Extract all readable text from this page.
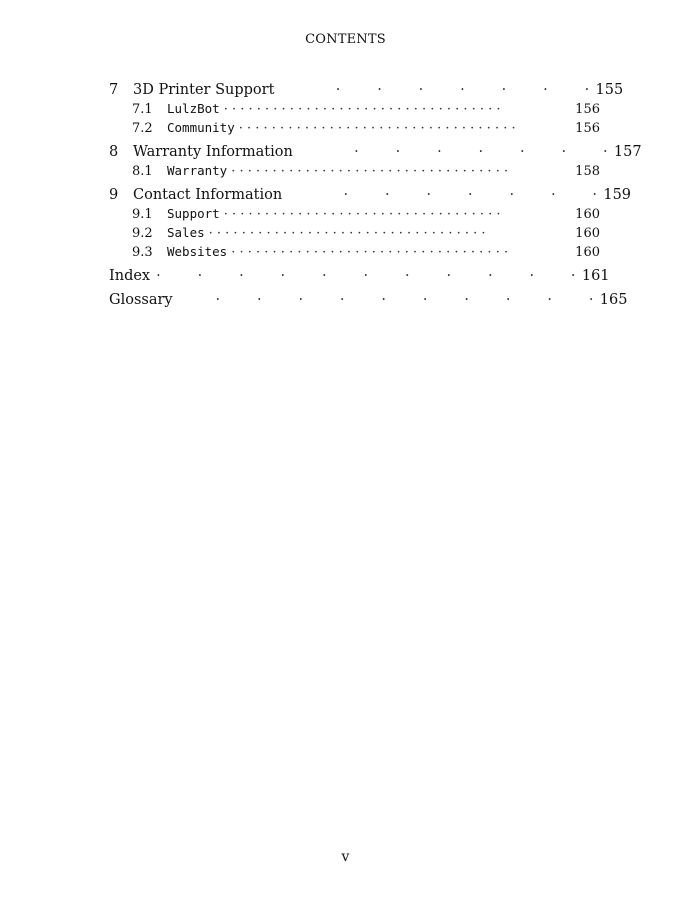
CONTENTS
7	3D Printer Support ·        ·        ·        ·        ·        ·        · 155
7.1	LulzBot · · · · · · · · · · · · · · · · · · · · · · · · · · · · · · · · · ·	156
7.2	Community · · · · · · · · · · · · · · · · · · · · · · · · · · · · · · · · · ·	156
8	Warranty Information ·        ·        ·        ·        ·        ·        · 157
8.1	Warranty · · · · · · · · · · · · · · · · · · · · · · · · · · · · · · · · · ·	158
9	Contact Information ·        ·        ·        ·        ·        ·        · 159
9.1	Support · · · · · · · · · · · · · · · · · · · · · · · · · · · · · · · · · ·	160
9.2	Sales · · · · · · · · · · · · · · · · · · · · · · · · · · · · · · · · · ·	160
9.3	Websites · · · · · · · · · · · · · · · · · · · · · · · · · · · · · · · · · ·	160
Index ·        ·        ·        ·        ·        ·        ·        ·        ·        ·        · 161
Glossary ·        ·        ·        ·        ·        ·        ·        ·        ·        · 165
v
